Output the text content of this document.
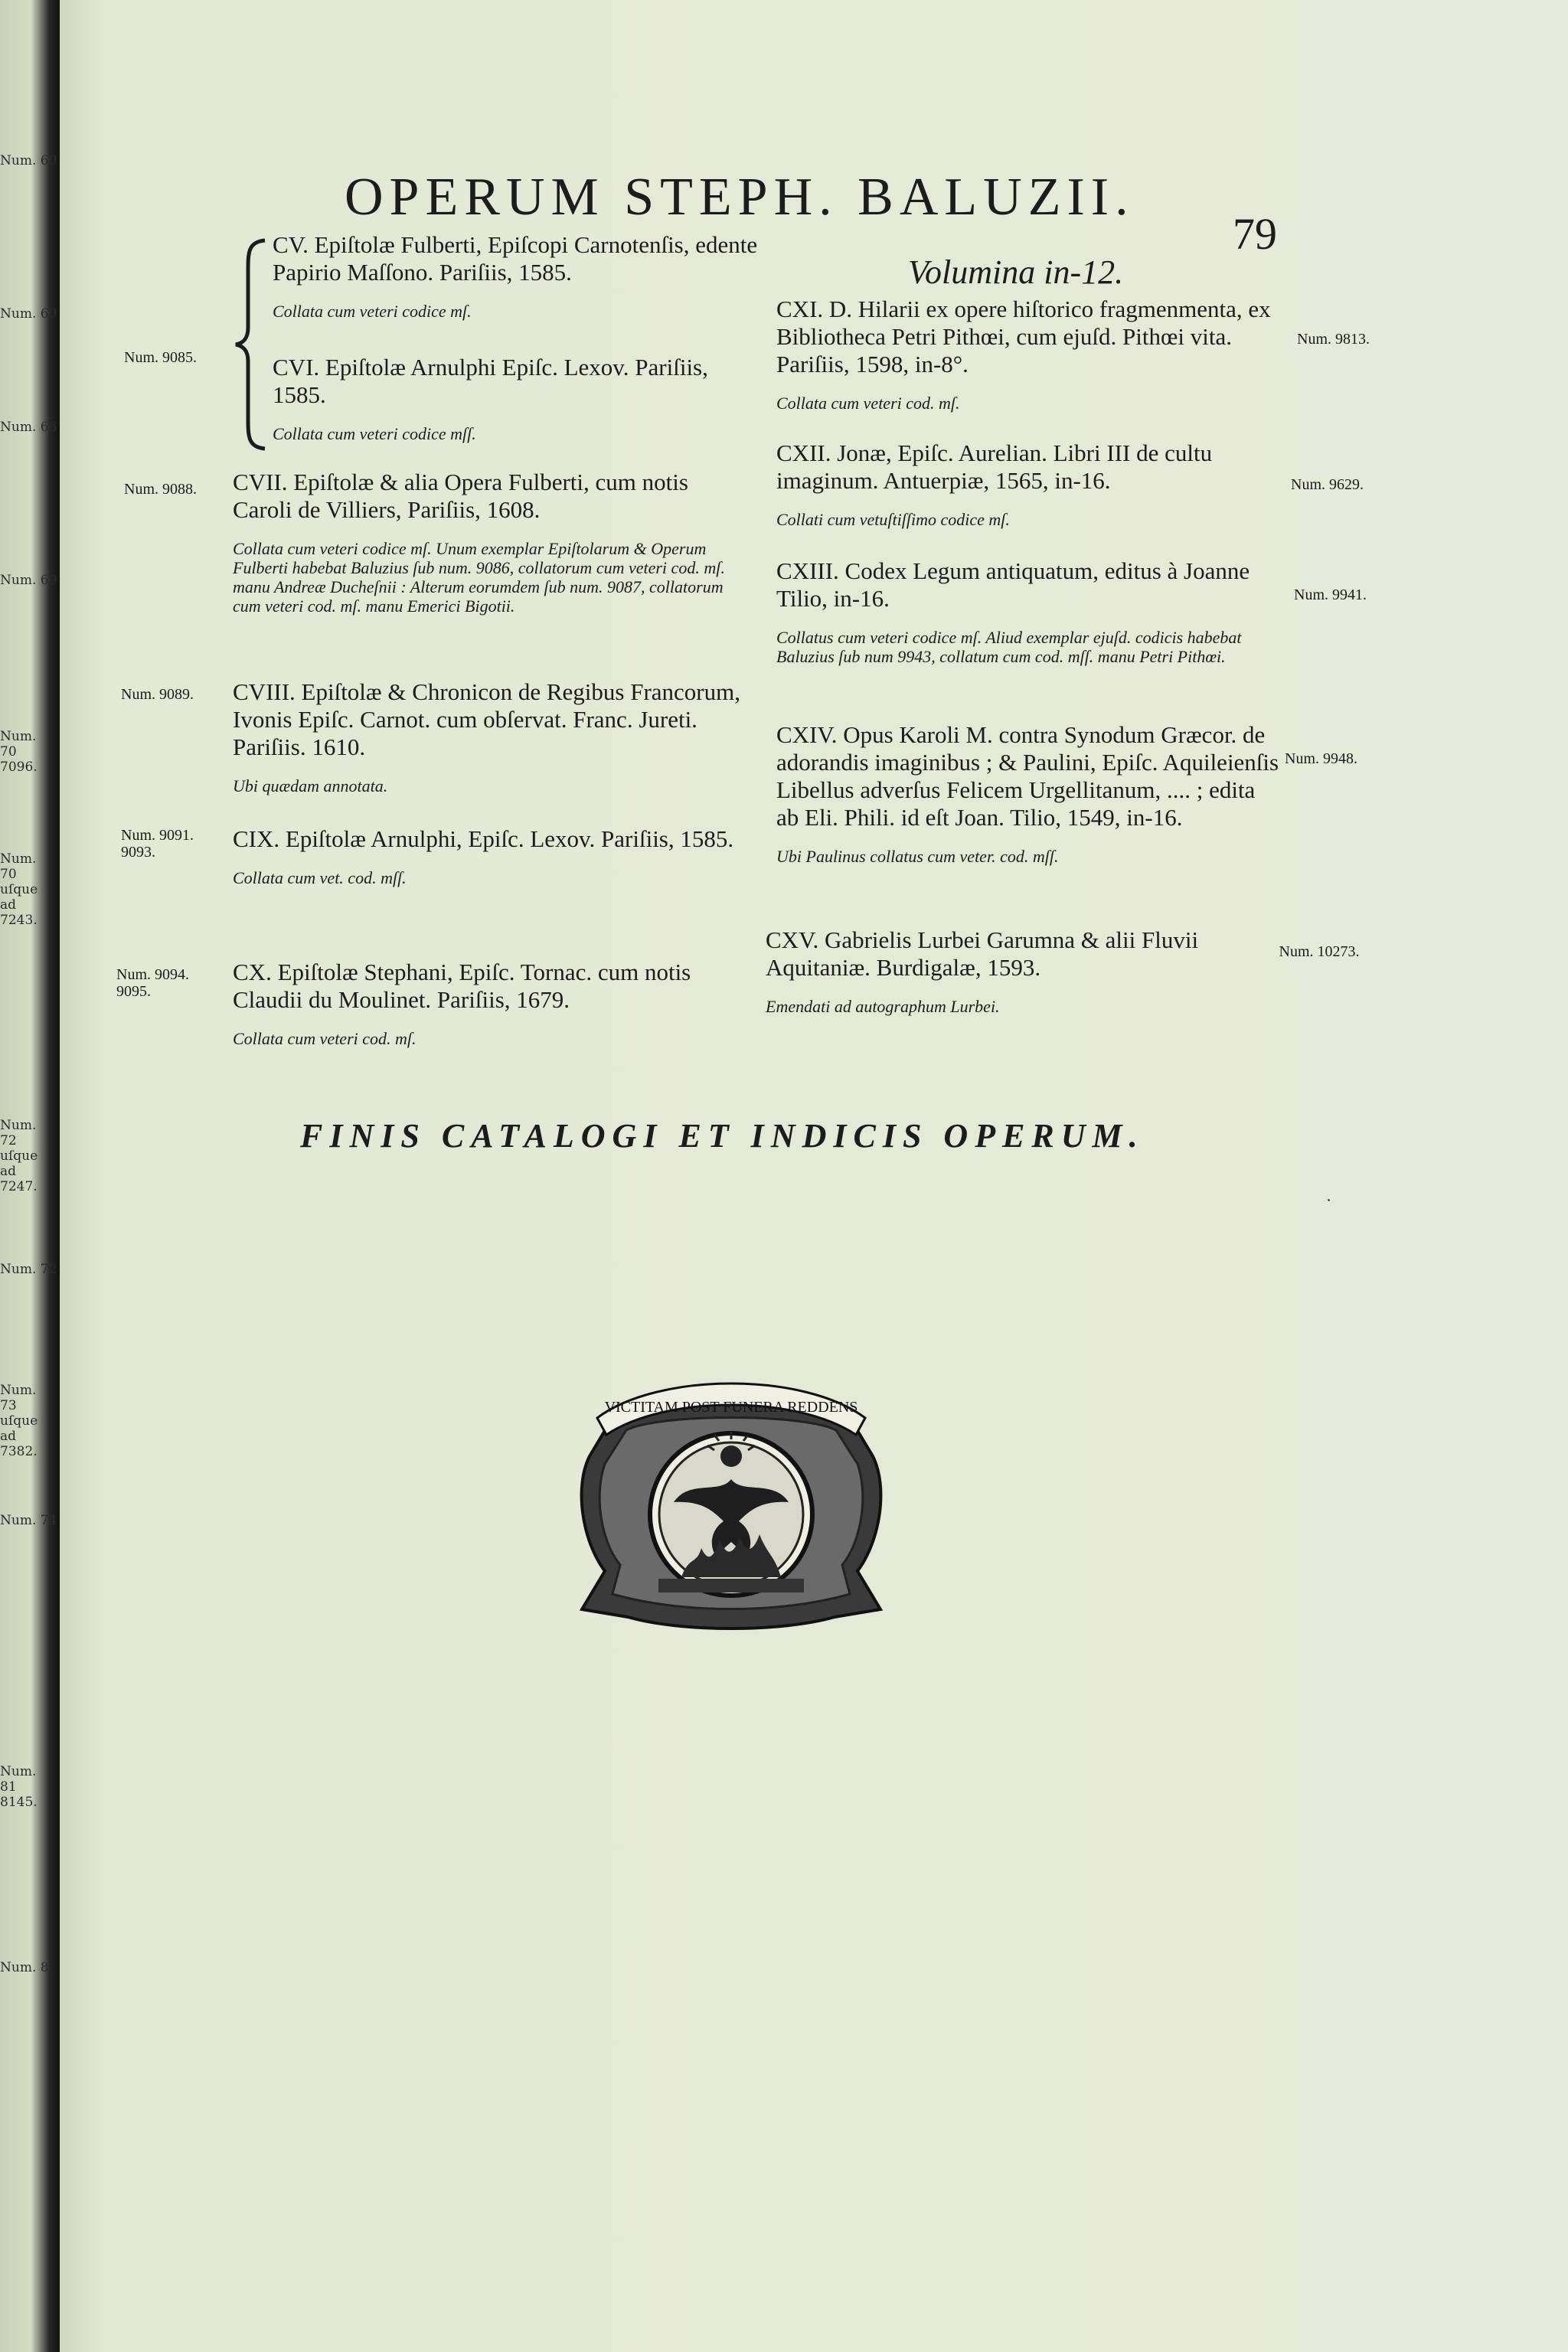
Num. 60
Num. 60
Num. 63
Num. 69
Num. 70 7096.
Num. 70 uſque ad 7243.
Num. 72 uſque ad 7247.
Num. 72
Num. 73 uſque ad 7382.
Num. 74
Num. 81 8145.
Num. 8
OPERUM STEPH. BALUZII.
79
Volumina in-12.
CV. Epiſtolæ Fulberti, Epiſcopi Carnotenſis, edente Papirio Maſſono. Pariſiis, 1585.
Collata cum veteri codice mſ.
Num. 9085.	CVI. Epiſtolæ Arnulphi Epiſc. Lexov. Pariſiis, 1585.
Collata cum veteri codice mſſ.
Num. 9088. CVII. Epiſtolæ & alia Opera Fulberti, cum notis Caroli de Villiers, Pariſiis, 1608.
Collata cum veteri codice mſ. Unum exemplar Epiſtolarum & Operum Fulberti habebat Baluzius ſub num. 9086, collatorum cum veteri cod. mſ. manu Andreæ Ducheſnii : Alterum eorumdem ſub num. 9087, collatorum cum veteri cod. mſ. manu Emerici Bigotii.
Num. 9089. CVIII. Epiſtolæ & Chronicon de Regibus Francorum, Ivonis Epiſc. Carnot. cum obſervat. Franc. Jureti. Pariſiis. 1610.
Ubi quædam annotata.
Num. 9091. 9093.	CIX. Epiſtolæ Arnulphi, Epiſc. Lexov. Pariſiis, 1585.
Collata cum vet. cod. mſſ.
Num. 9094. 9095.
CX. Epiſtolæ Stephani, Epiſc. Tornac. cum notis Claudii du Moulinet. Pariſiis, 1679.
Collata cum veteri cod. mſ.
CXI. D. Hilarii ex opere hiſtorico fragmenmenta, ex Bibliotheca Petri Pithœi, cum ejuſd. Pithœi vita. Pariſiis, 1598, in-8°.
Collata cum veteri cod. mſ.
Num. 9813.
CXII. Jonæ, Epiſc. Aurelian. Libri III de cultu imaginum. Antuerpiæ, 1565, in-16.
Collati cum vetuſtiſſimo codice mſ.
Num. 9629.
CXIII. Codex Legum antiquatum, editus à Joanne Tilio, in-16.
Collatus cum veteri codice mſ. Aliud exemplar ejuſd. codicis habebat Baluzius ſub num 9943, collatum cum cod. mſſ. manu Petri Pithœi.
Num. 9941.
CXIV. Opus Karoli M. contra Synodum Græcor. de adorandis imaginibus ; & Paulini, Epiſc. Aquileienſis Libellus adverſus Felicem Urgellitanum, .... ; edita ab Eli. Phili. id eſt Joan. Tilio, 1549, in-16.
Ubi Paulinus collatus cum veter. cod. mſſ.
Num. 9948.
CXV. Gabrielis Lurbei Garumna & alii Fluvii Aquitaniæ. Burdigalæ, 1593.
Emendati ad autographum Lurbei.
Num. 10273.
FINIS CATALOGI ET INDICIS OPERUM.
VICTITAM POST FUNERA REDDENS
